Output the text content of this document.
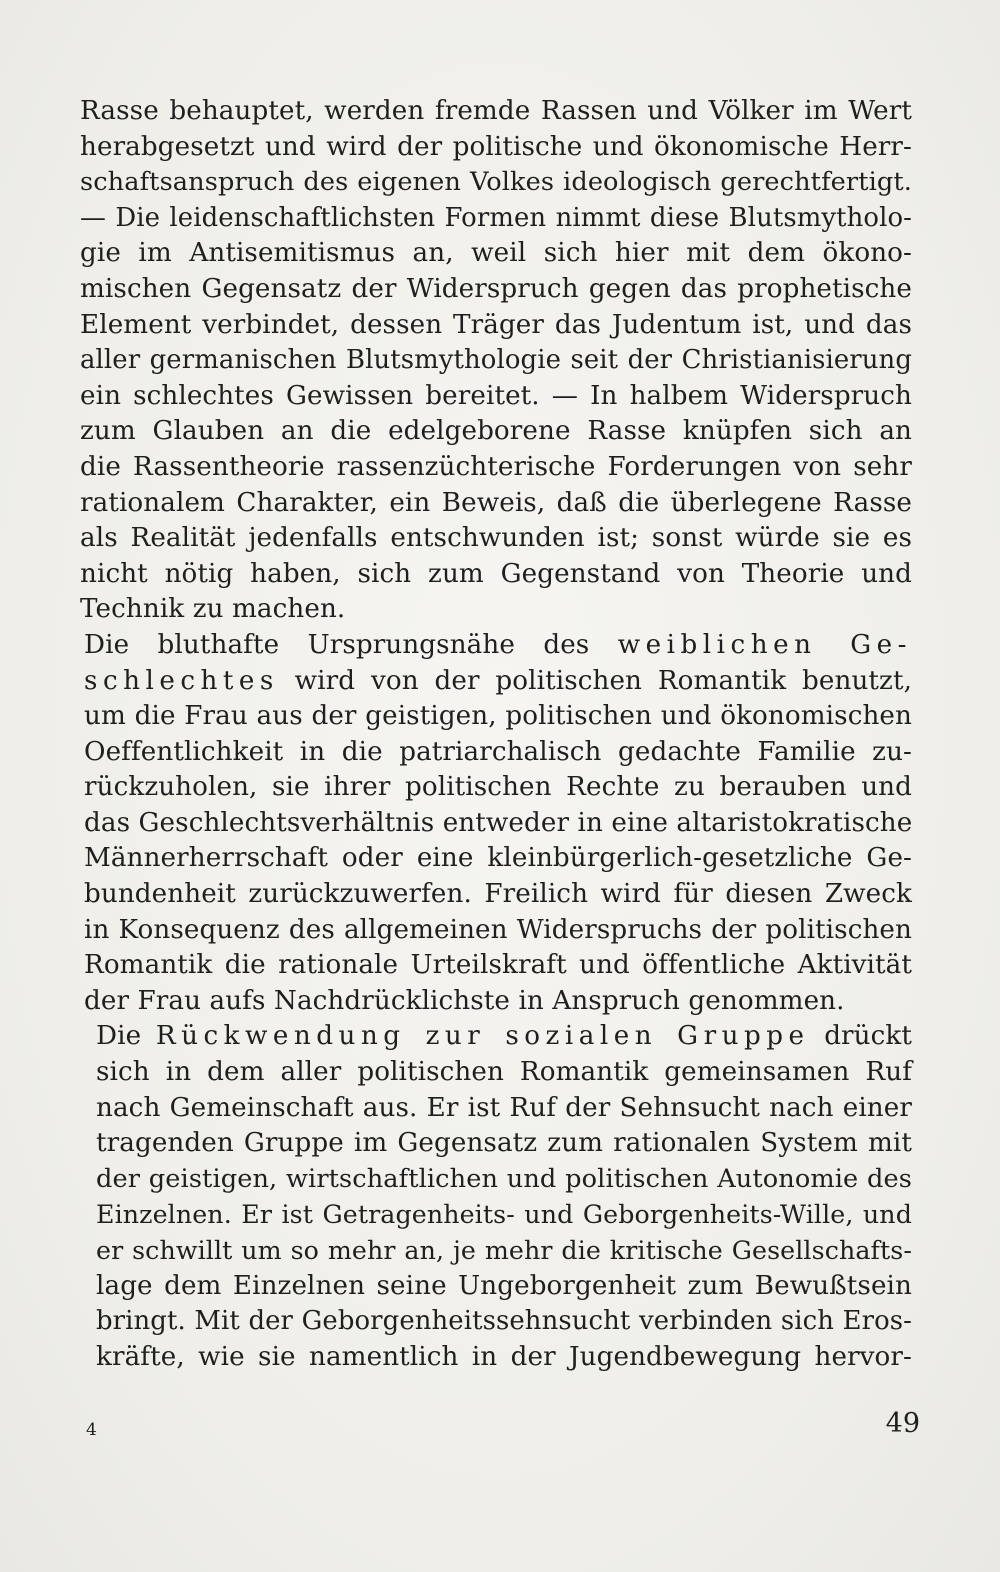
Rasse behauptet, werden fremde Rassen und Völker im Wert
herabgesetzt und wird der politische und ökonomische Herr-
schaftsanspruch des eigenen Volkes ideologisch gerechtfertigt.
— Die leidenschaftlichsten Formen nimmt diese Blutsmytholo-
gie im Antisemitismus an, weil sich hier mit dem ökono-
mischen Gegensatz der Widerspruch gegen das prophetische
Element verbindet, dessen Träger das Judentum ist, und das
aller germanischen Blutsmythologie seit der Christianisierung
ein schlechtes Gewissen bereitet. — In halbem Widerspruch
zum Glauben an die edelgeborene Rasse knüpfen sich an
die Rassentheorie rassenzüchterische Forderungen von sehr
rationalem Charakter, ein Beweis, daß die überlegene Rasse
als Realität jedenfalls entschwunden ist; sonst würde sie es
nicht nötig haben, sich zum Gegenstand von Theorie und
Technik zu machen.
Die bluthafte Ursprungsnähe des weiblichen Ge-
schlechtes wird von der politischen Romantik benutzt,
um die Frau aus der geistigen, politischen und ökonomischen
Oeffentlichkeit in die patriarchalisch gedachte Familie zu-
rückzuholen, sie ihrer politischen Rechte zu berauben und
das Geschlechtsverhältnis entweder in eine altaristokratische
Männerherrschaft oder eine kleinbürgerlich-gesetzliche Ge-
bundenheit zurückzuwerfen. Freilich wird für diesen Zweck
in Konsequenz des allgemeinen Widerspruchs der politischen
Romantik die rationale Urteilskraft und öffentliche Aktivität
der Frau aufs Nachdrücklichste in Anspruch genommen.
Die Rückwendung zur sozialen Gruppe drückt
sich in dem aller politischen Romantik gemeinsamen Ruf
nach Gemeinschaft aus. Er ist Ruf der Sehnsucht nach einer
tragenden Gruppe im Gegensatz zum rationalen System mit
der geistigen, wirtschaftlichen und politischen Autonomie des
Einzelnen. Er ist Getragenheits- und Geborgenheits-Wille, und
er schwillt um so mehr an, je mehr die kritische Gesellschafts-
lage dem Einzelnen seine Ungeborgenheit zum Bewußtsein
bringt. Mit der Geborgenheitssehnsucht verbinden sich Eros-
kräfte, wie sie namentlich in der Jugendbewegung hervor-
4	49
